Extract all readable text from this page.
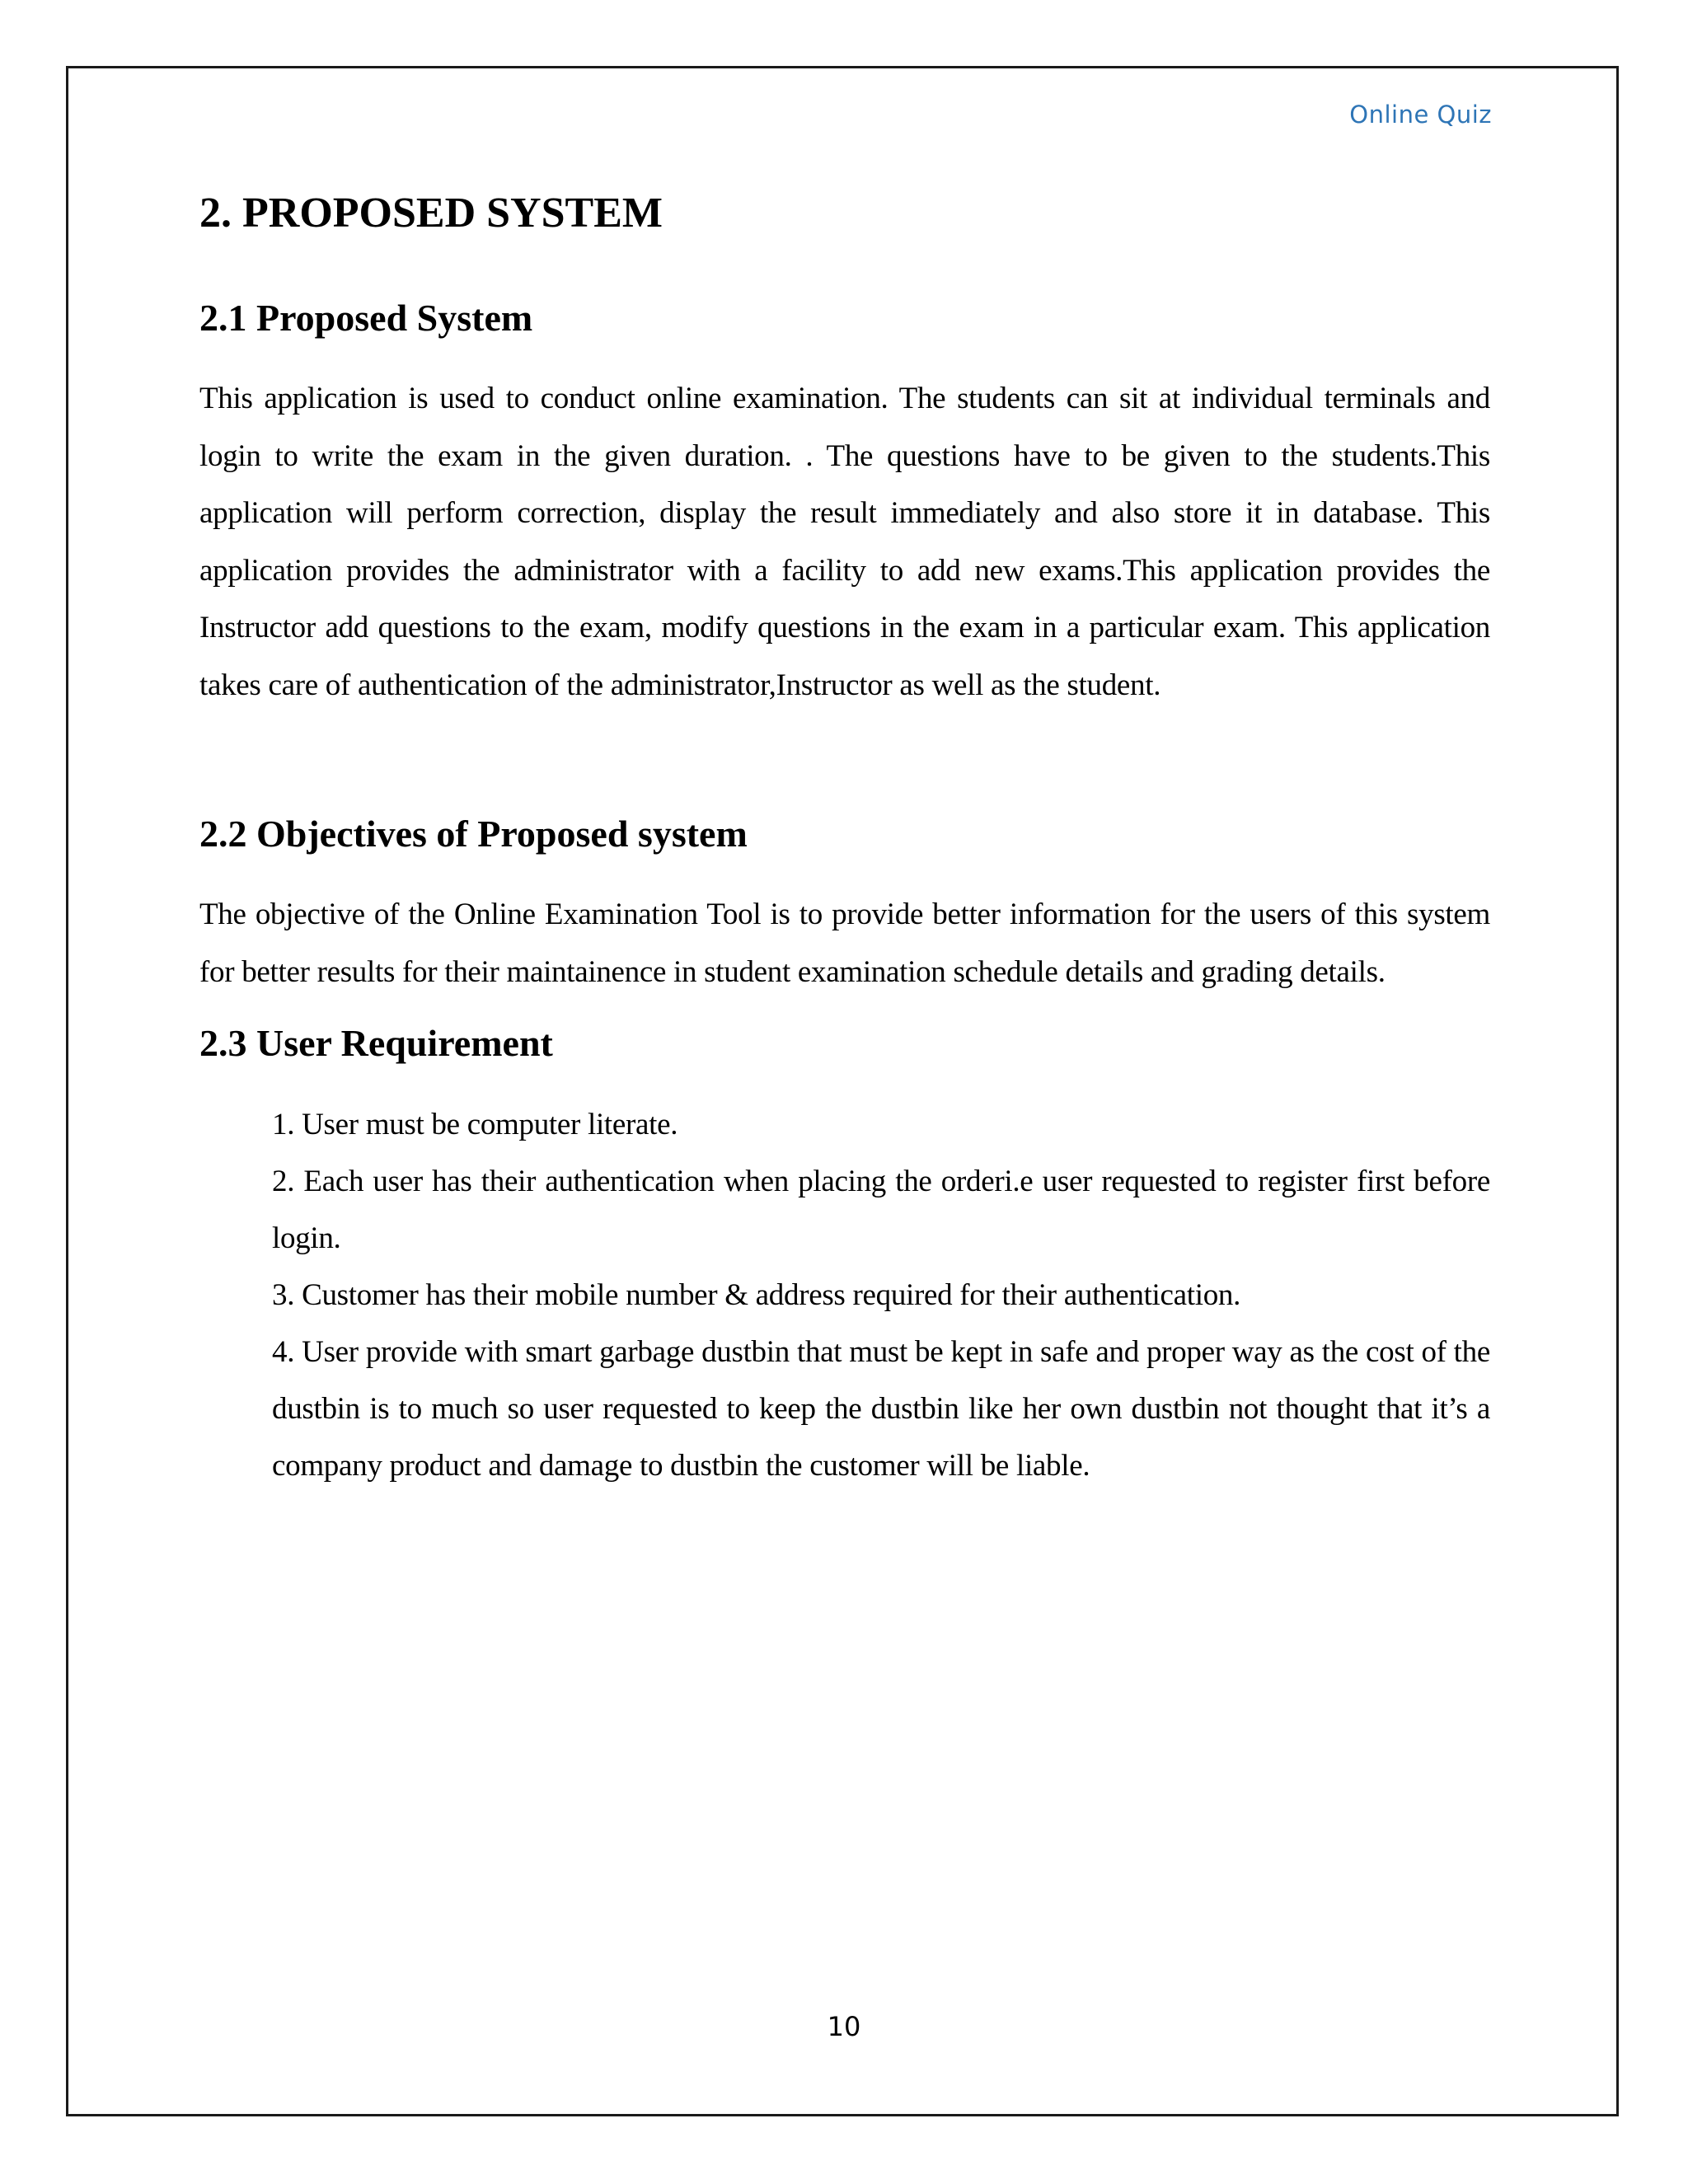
Online Quiz
2. PROPOSED SYSTEM
2.1 Proposed System

This application is used to conduct online examination. The students can sit at individual terminals and login to write the exam in the given duration. . The questions have to be given to the students.This application will perform correction, display the result immediately and also store it in database. This application provides the administrator with a facility to add new exams.This application provides the Instructor add questions to the exam, modify questions in the exam in a particular exam. This application takes care of authentication of the administrator,Instructor as well as the student.

2.2 Objectives of Proposed system

The objective of the Online Examination Tool is to provide better information for the users of this system for better results for their maintainence in student examination schedule details and grading details.

2.3 User Requirement
1. User must be computer literate.
2. Each user has their authentication when placing the orderi.e user requested to register first before login.
3. Customer has their mobile number & address required for their authentication.
4. User provide with smart garbage dustbin that must be kept in safe and proper way as the cost of the dustbin is to much so user requested to keep the dustbin like her own dustbin not thought that it’s a company product and damage to dustbin the customer will be liable.
10
